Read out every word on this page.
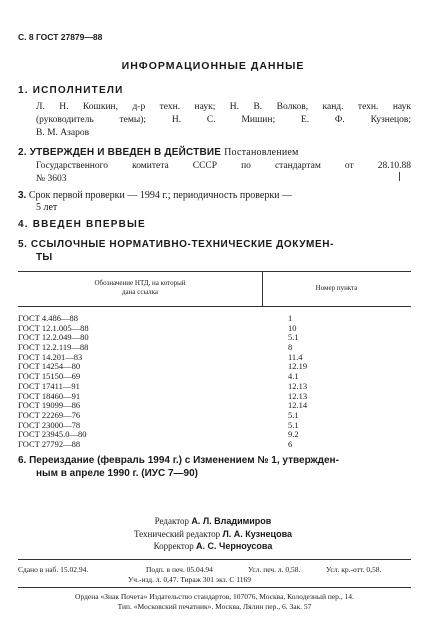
С. 8 ГОСТ 27879—88
ИНФОРМАЦИОННЫЕ ДАННЫЕ
1. ИСПОЛНИТЕЛИ
Л. Н. Кошкин, д-р техн. наук; Н. В. Волков, канд. техн. наук
(руководитель темы); Н. С. Мишин; Е. Ф. Кузнецов;
В. М. Азаров
2. УТВЕРЖДЕН И ВВЕДЕН В ДЕЙСТВИЕ Постановлением
Государственного комитета СССР по стандартам от 28.10.88
№ 3603
3. Срок первой проверки — 1994 г.; периодичность проверки —
5 лет
4. ВВЕДЕН ВПЕРВЫЕ
5. ССЫЛОЧНЫЕ НОРМАТИВНО-ТЕХНИЧЕСКИЕ ДОКУМЕН-
ТЫ
Обозначение НТД, на который
дана ссылка	Номер пункта
ГОСТ 4.486—88	1
ГОСТ 12.1.005—88	10
ГОСТ 12.2.049—80	5.1
ГОСТ 12.2.119—88	8
ГОСТ 14.201—83	11.4
ГОСТ 14254—80	12.19
ГОСТ 15150—69	4.1
ГОСТ 17411—91	12.13
ГОСТ 18460—91	12.13
ГОСТ 19099—86	12.14
ГОСТ 22269—76	5.1
ГОСТ 23000—78	5.1
ГОСТ 23945.0—80	9.2
ГОСТ 27792—88	6
6. Переиздание (февраль 1994 г.) с Изменением № 1, утвержден-
ным в апреле 1990 г. (ИУС 7—90)
Редактор А. Л. Владимиров
Технический редактор Л. А. Кузнецова
Корректор А. С. Черноусова
Сдано в наб. 15.02.94.	Подп. в печ. 05.04.94	Усл. печ. л. 0,58.	Усл. кр.-отт. 0,58.
Уч.-изд. л. 0,47. Тираж 301 экз. С 1169
Ордена «Знак Почета» Издательство стандартов, 107076, Москва, Колодезный пер., 14.
Тип. «Московский печатник». Москва, Лялин пер., 6. Зак. 57
